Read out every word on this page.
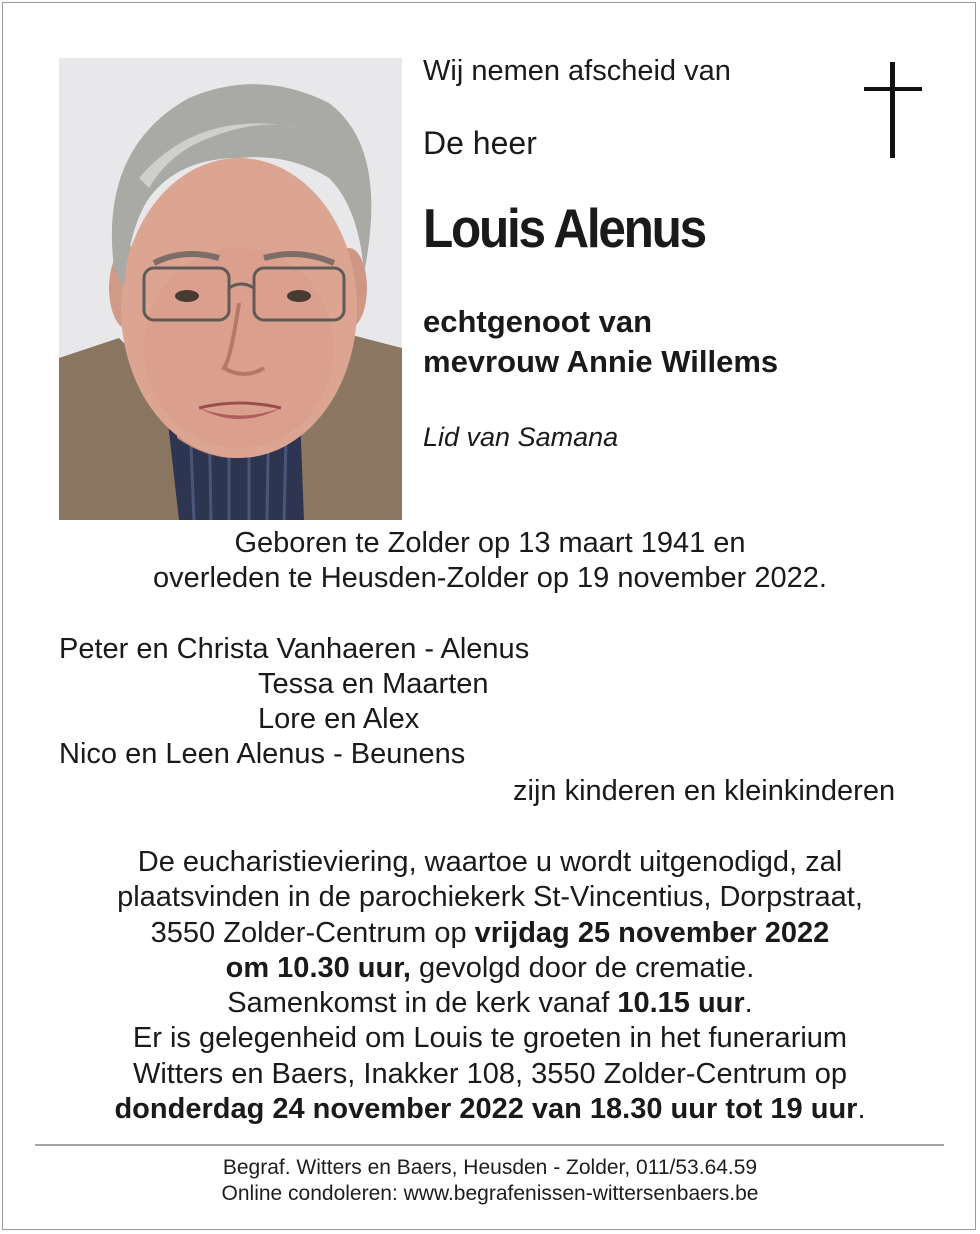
Wij nemen afscheid van
De heer
Louis Alenus
echtgenoot van
mevrouw Annie Willems
Lid van Samana
Geboren te Zolder op 13 maart 1941 en
overleden te Heusden-Zolder op 19 november 2022.
Peter en Christa Vanhaeren - Alenus
Tessa en Maarten
Lore en Alex
Nico en Leen Alenus - Beunens
zijn kinderen en kleinkinderen
De eucharistieviering, waartoe u wordt uitgenodigd, zal
plaatsvinden in de parochiekerk St-Vincentius, Dorpstraat,
3550 Zolder-Centrum op vrijdag 25 november 2022
om 10.30 uur, gevolgd door de crematie.
Samenkomst in de kerk vanaf 10.15 uur.
Er is gelegenheid om Louis te groeten in het funerarium
Witters en Baers, Inakker 108, 3550 Zolder-Centrum op
donderdag 24 november 2022 van 18.30 uur tot 19 uur.
Begraf. Witters en Baers, Heusden - Zolder, 011/53.64.59
Online condoleren: www.begrafenissen-wittersenbaers.be
